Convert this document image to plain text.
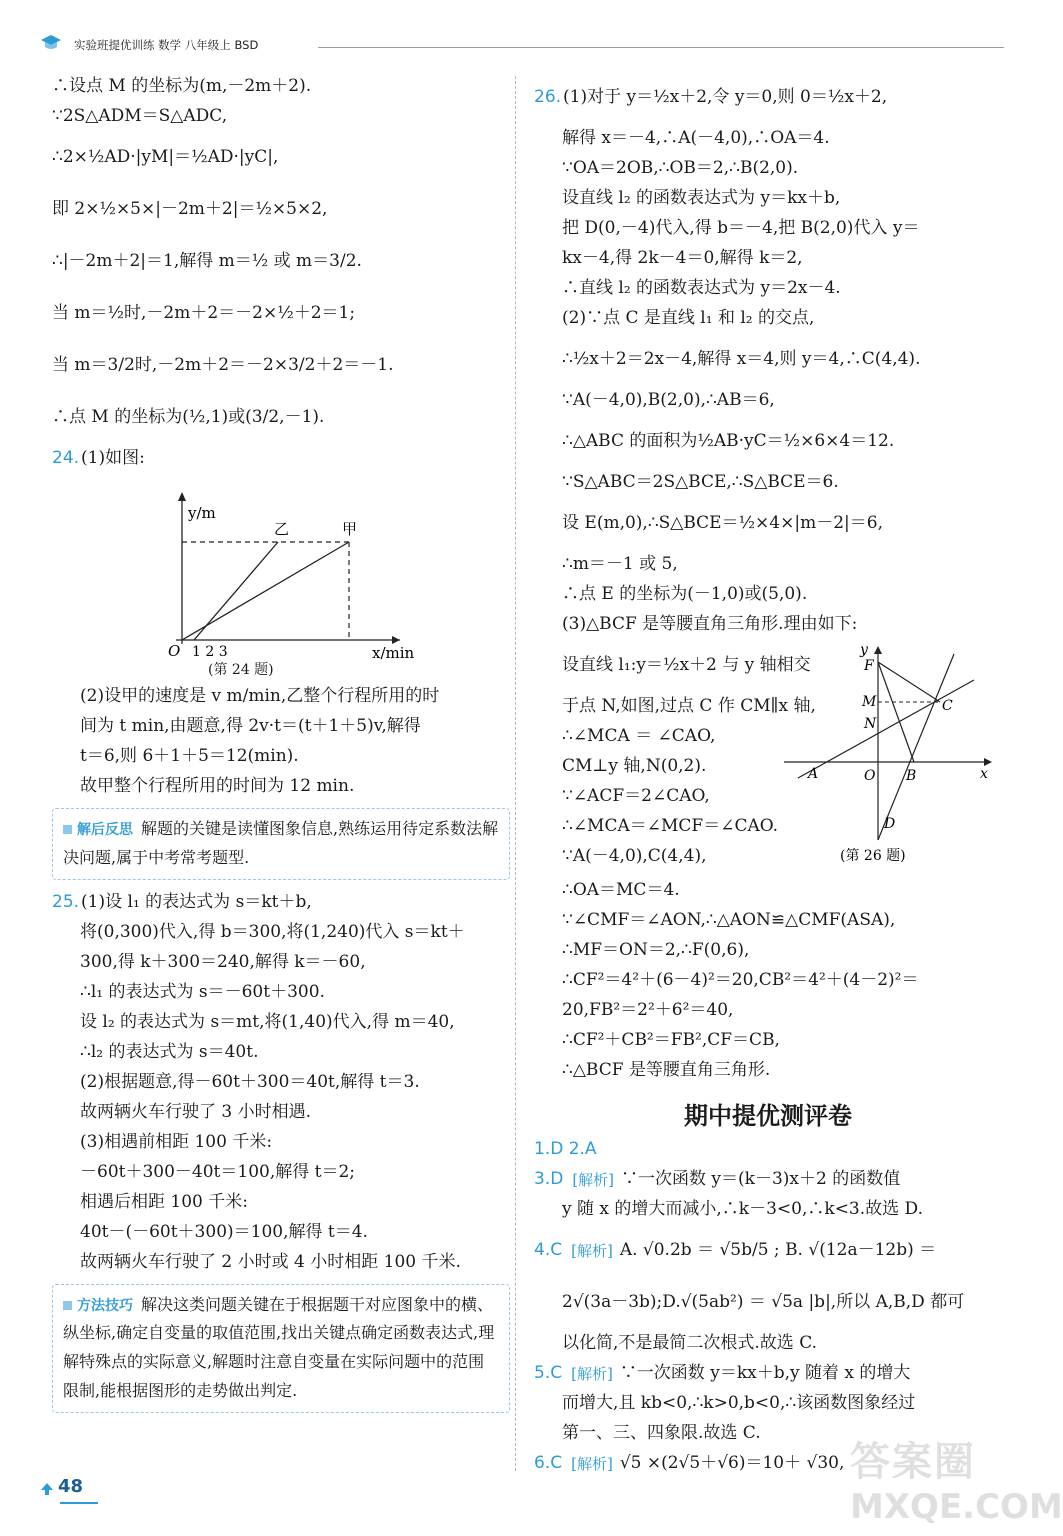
实验班提优训练 数学 八年级上 BSD
∴设点 M 的坐标为(m,－2m＋2).
∵2S△ADM＝S△ADC,
∴2×½AD·|yM|＝½AD·|yC|,
即 2×½×5×|－2m＋2|＝½×5×2,
∴|－2m＋2|＝1,解得 m＝½ 或 m＝3/2.
当 m＝½时,－2m＋2＝－2×½＋2＝1;
当 m＝3/2时,－2m＋2＝－2×3/2＋2＝－1.
∴点 M 的坐标为(½,1)或(3/2,－1).
24. (1)如图:
y/m
x/min
O 1 2 3
乙	甲
(第 24 题)
(2)设甲的速度是 v m/min,乙整个行程所用的时
间为 t min,由题意,得 2v·t＝(t＋1＋5)v,解得
t＝6,则 6＋1＋5＝12(min).
故甲整个行程所用的时间为 12 min.
解后反思 解题的关键是读懂图象信息,熟练运用待定系数法解决问题,属于中考常考题型.
25. (1)设 l₁ 的表达式为 s＝kt＋b,
将(0,300)代入,得 b＝300,将(1,240)代入 s＝kt＋
300,得 k＋300＝240,解得 k＝－60,
∴l₁ 的表达式为 s＝－60t＋300.
设 l₂ 的表达式为 s＝mt,将(1,40)代入,得 m＝40,
∴l₂ 的表达式为 s＝40t.
(2)根据题意,得－60t＋300＝40t,解得 t＝3.
故两辆火车行驶了 3 小时相遇.
(3)相遇前相距 100 千米:
－60t＋300－40t＝100,解得 t＝2;
相遇后相距 100 千米:
40t－(－60t＋300)＝100,解得 t＝4.
故两辆火车行驶了 2 小时或 4 小时相距 100 千米.
方法技巧 解决这类问题关键在于根据题干对应图象中的横、纵坐标,确定自变量的取值范围,找出关键点确定函数表达式,理解特殊点的实际意义,解题时注意自变量在实际问题中的范围限制,能根据图形的走势做出判定.
26. (1)对于 y＝½x＋2,令 y＝0,则 0＝½x＋2,
解得 x＝－4,∴A(－4,0),∴OA＝4.
∵OA＝2OB,∴OB＝2,∴B(2,0).
设直线 l₂ 的函数表达式为 y＝kx＋b,
把 D(0,－4)代入,得 b＝－4,把 B(2,0)代入 y＝
kx－4,得 2k－4＝0,解得 k＝2,
∴直线 l₂ 的函数表达式为 y＝2x－4.
(2)∵点 C 是直线 l₁ 和 l₂ 的交点,
∴½x＋2＝2x－4,解得 x＝4,则 y＝4,∴C(4,4).
∵A(－4,0),B(2,0),∴AB＝6,
∴△ABC 的面积为½AB·yC＝½×6×4＝12.
∵S△ABC＝2S△BCE,∴S△BCE＝6.
设 E(m,0),∴S△BCE＝½×4×|m－2|＝6,
∴m＝－1 或 5,
∴点 E 的坐标为(－1,0)或(5,0).
(3)△BCF 是等腰直角三角形.理由如下:
设直线 l₁:y＝½x＋2 与 y 轴相交
于点 N,如图,过点 C 作 CM∥x 轴,
∴∠MCA ＝ ∠CAO,
CM⊥y 轴,N(0,2).
∵∠ACF＝2∠CAO,
∴∠MCA＝∠MCF＝∠CAO.
∵A(－4,0),C(4,4),
y
F
M
N
C
A	O B	x
D
(第 26 题)
∴OA＝MC＝4.
∵∠CMF＝∠AON,∴△AON≌△CMF(ASA),
∴MF＝ON＝2,∴F(0,6),
∴CF²＝4²＋(6－4)²＝20,CB²＝4²＋(4－2)²＝
20,FB²＝2²＋6²＝40,
∴CF²＋CB²＝FB²,CF＝CB,
∴△BCF 是等腰直角三角形.
期中提优测评卷
1.D 2.A
3.D [解析] ∵一次函数 y＝(k－3)x＋2 的函数值
y 随 x 的增大而减小,∴k－3<0,∴k<3.故选 D.
4.C [解析] A. √0.2b ＝ √5b/5 ; B. √(12a－12b) ＝
2√(3a－3b);D.√(5ab²) ＝ √5a |b|,所以 A,B,D 都可
以化简,不是最简二次根式.故选 C.
5.C [解析] ∵一次函数 y＝kx＋b,y 随着 x 的增大
而增大,且 kb<0,∴k>0,b<0,∴该函数图象经过
第一、三、四象限.故选 C.
6.C [解析] √5 ×(2√5＋√6)＝10＋ √30,
48
答案圈
MXQE.COM
